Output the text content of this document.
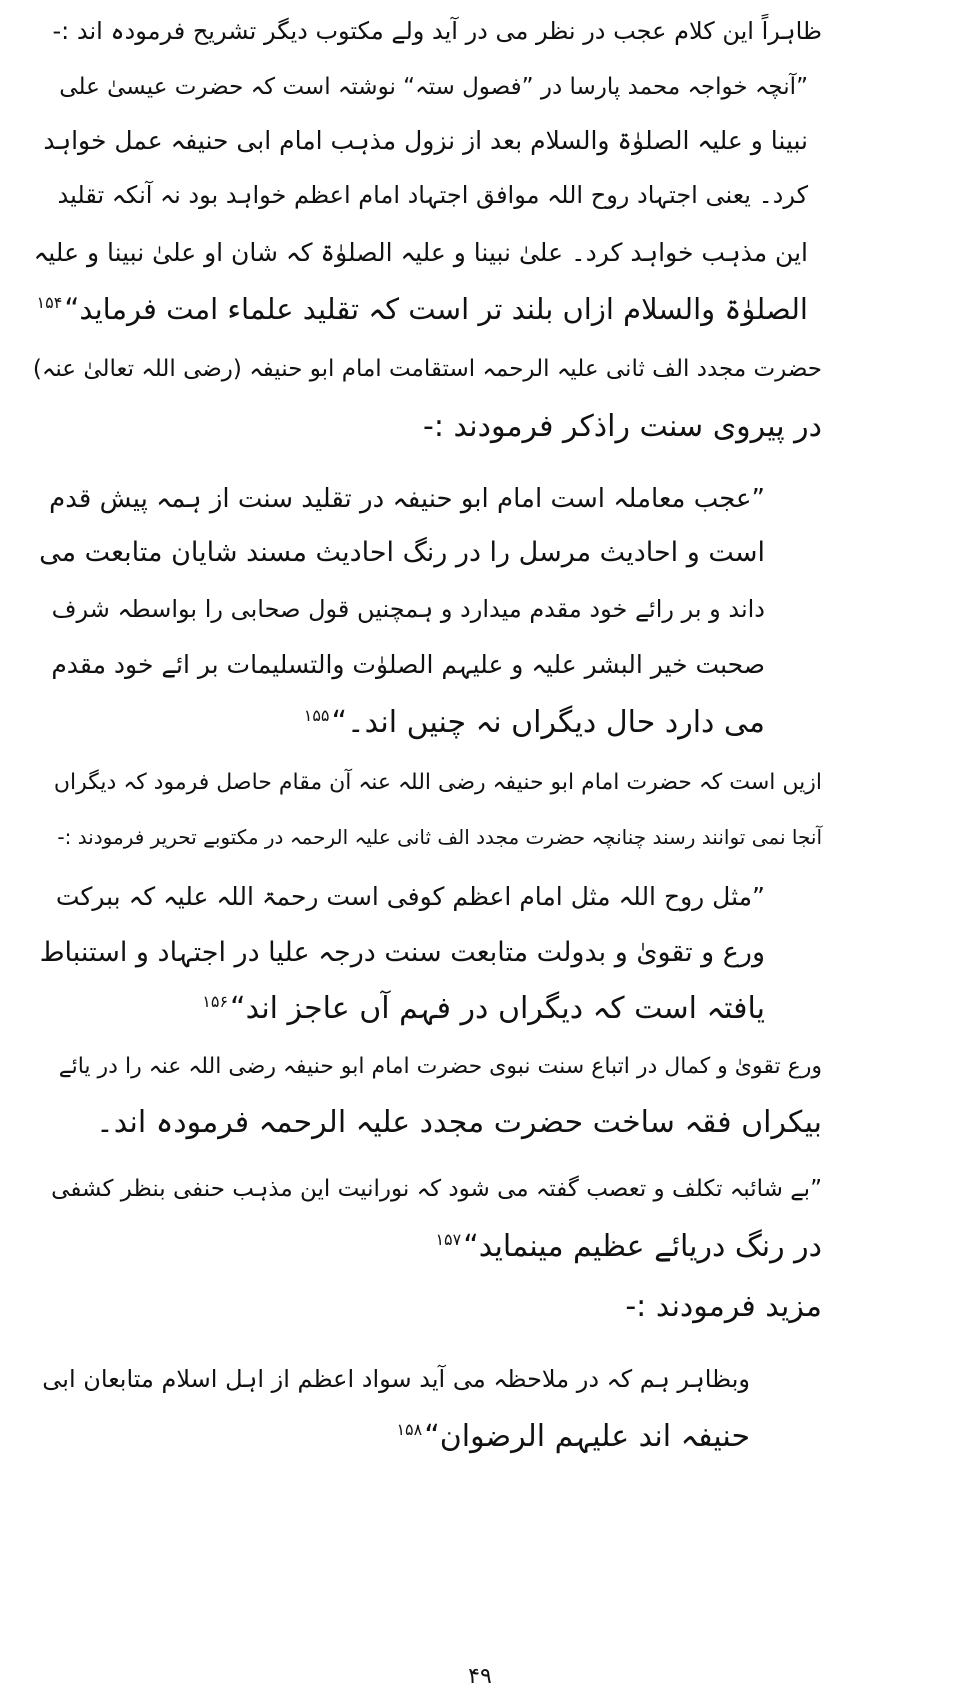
ظاہراً این کلام عجب در نظر می در آید ولے مکتوب دیگر تشریح فرمودہ اند :-
”آنچہ خواجہ محمد پارسا در ”فصول ستہ“ نوشتہ است کہ حضرت عیسیٰ علی
نبینا و علیہ الصلوٰۃ والسلام بعد از نزول مذہب امام ابی حنیفہ عمل خواہد
کرد۔ یعنی اجتہاد روح اللہ موافق اجتہاد امام اعظم خواہد بود نہ آنکہ تقلید
این مذہب خواہد کرد۔ علیٰ نبینا و علیہ الصلوٰۃ کہ شان او علیٰ نبینا و علیہ
الصلوٰۃ والسلام ازاں بلند تر است کہ تقلید علماء امت فرماید“$^{۱۵۴}$
حضرت مجدد الف ثانی علیہ الرحمہ استقامت امام ابو حنیفہ (رضی اللہ تعالیٰ عنہ)
در پیروی سنت راذکر فرمودند :-
”عجب معاملہ است امام ابو حنیفہ در تقلید سنت از ہمہ پیش قدم
است و احادیث مرسل را در رنگ احادیث مسند شایان متابعت می
داند و بر رائے خود مقدم میدارد و ہمچنیں قول صحابی را بواسطہ شرف
صحبت خیر البشر علیہ و علیہم الصلوٰت والتسلیمات بر ائے خود مقدم
می دارد حال دیگراں نہ چنیں اند۔“$^{۱۵۵}$
ازیں است کہ حضرت امام ابو حنیفہ رضی اللہ عنہ آن مقام حاصل فرمود کہ دیگراں
آنجا نمی توانند رسند چنانچہ حضرت مجدد الف ثانی علیہ الرحمہ در مکتوبے تحریر فرمودند :-
”مثل روح اللہ مثل امام اعظم کوفی است رحمۃ اللہ علیہ کہ ببرکت
ورع و تقویٰ و بدولت متابعت سنت درجہ علیا در اجتہاد و استنباط
یافتہ است کہ دیگراں در فہم آں عاجز اند“$^{۱۵۶}$
ورع تقویٰ و کمال در اتباع سنت نبوی حضرت امام ابو حنیفہ رضی اللہ عنہ را در یائے
بیکراں فقہ ساخت حضرت مجدد علیہ الرحمہ فرمودہ اند۔
”بے شائبہ تکلف و تعصب گفتہ می شود کہ نورانیت این مذہب حنفی بنظر کشفی
در رنگ دریائے عظیم مینماید“$^{۱۵۷}$
مزید فرمودند :-
وبظاہر ہم کہ در ملاحظہ می آید سواد اعظم از اہل اسلام متابعان ابی
حنیفہ اند علیہم الرضوان“$^{۱۵۸}$
۴۹
